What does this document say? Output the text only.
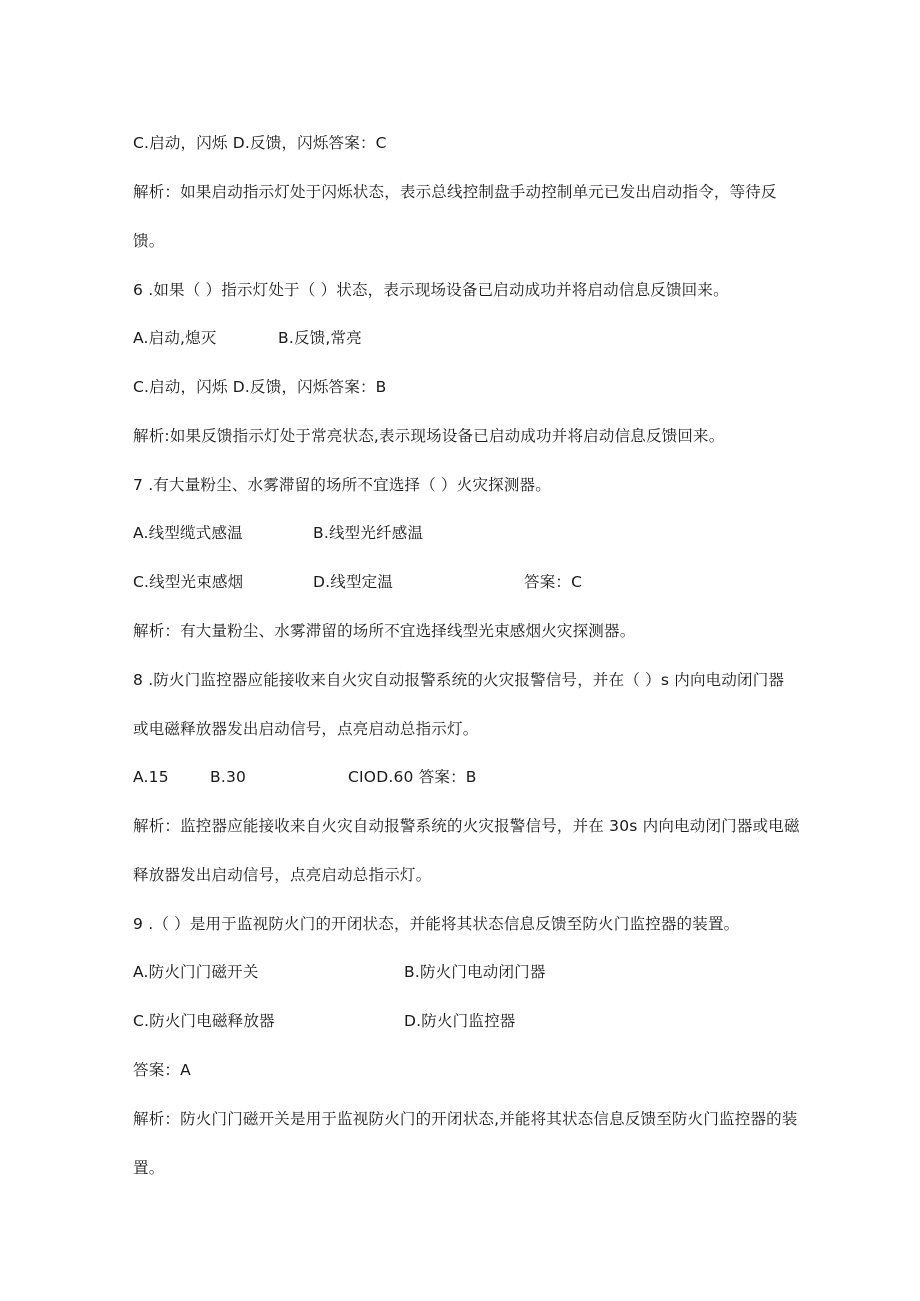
C.启动，闪烁 D.反馈，闪烁答案：C
解析：如果启动指示灯处于闪烁状态，表示总线控制盘手动控制单元已发出启动指令，等待反
馈。
6 .如果（ ）指示灯处于（ ）状态，表示现场设备已启动成功并将启动信息反馈回来。
A.启动,熄灭	B.反馈,常亮
C.启动，闪烁 D.反馈，闪烁答案：B
解析:如果反馈指示灯处于常亮状态,表示现场设备已启动成功并将启动信息反馈回来。
7 .有大量粉尘、水雾滞留的场所不宜选择（ ）火灾探测器。
A.线型缆式感温	B.线型光纤感温
C.线型光束感烟	D.线型定温	答案：C
解析：有大量粉尘、水雾滞留的场所不宜选择线型光束感烟火灾探测器。
8 .防火门监控器应能接收来自火灾自动报警系统的火灾报警信号，并在（ ）s 内向电动闭门器
或电磁释放器发出启动信号，点亮启动总指示灯。
A.15	B.30	CIOD.60 答案：B
解析：监控器应能接收来自火灾自动报警系统的火灾报警信号，并在 30s 内向电动闭门器或电磁
释放器发出启动信号，点亮启动总指示灯。
9 .（ ）是用于监视防火门的开闭状态，并能将其状态信息反馈至防火门监控器的装置。
A.防火门门磁开关	B.防火门电动闭门器
C.防火门电磁释放器	D.防火门监控器
答案：A
解析：防火门门磁开关是用于监视防火门的开闭状态,并能将其状态信息反馈至防火门监控器的装
置。
